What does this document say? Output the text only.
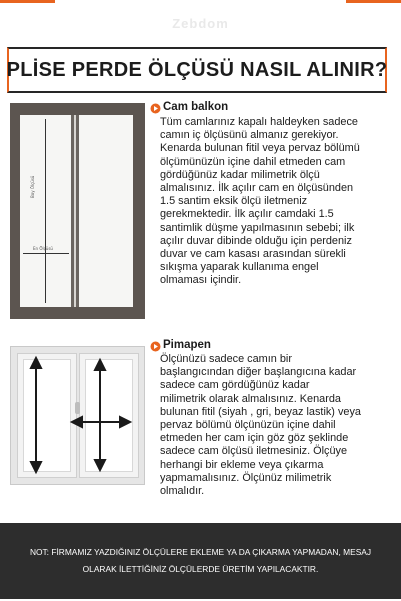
Zebdom
PLİSE PERDE ÖLÇÜSÜ NASIL ALINIR?
Boy Ölçüsü
En Ölçüsü
Cam balkon
Tüm camlarınız kapalı haldeyken sadece
camın iç ölçüsünü almanız gerekiyor.
Kenarda bulunan fitil veya pervaz bölümü
ölçümünüzün içine dahil etmeden cam
gördüğünüz kadar milimetrik ölçü
almalısınız. İlk açılır cam en ölçüsünden
1.5 santim eksik ölçü iletmeniz
gerekmektedir. İlk açılır camdaki 1.5
santimlik düşme yapılmasının sebebi; ilk
açılır duvar dibinde olduğu için perdeniz
duvar ve cam kasası arasından sürekli
sıkışma yaparak kullanıma engel
olmaması içindir.
Pimapen
Ölçünüzü sadece camın bir
başlangıcından diğer başlangıcına kadar
sadece cam gördüğünüz kadar
milimetrik olarak almalısınız. Kenarda
bulunan fitil (siyah , gri, beyaz lastik) veya
pervaz bölümü ölçünüzün içine dahil
etmeden her cam için göz göz şeklinde
sadece cam ölçüsü iletmesiniz. Ölçüye
herhangi bir ekleme veya çıkarma
yapmamalısınız. Ölçünüz milimetrik
olmalıdır.
NOT: FİRMAMIZ YAZDIĞINIZ ÖLÇÜLERE EKLEME YA DA ÇIKARMA YAPMADAN, MESAJ
OLARAK İLETTİĞİNİZ ÖLÇÜLERDE ÜRETİM YAPILACAKTIR.
